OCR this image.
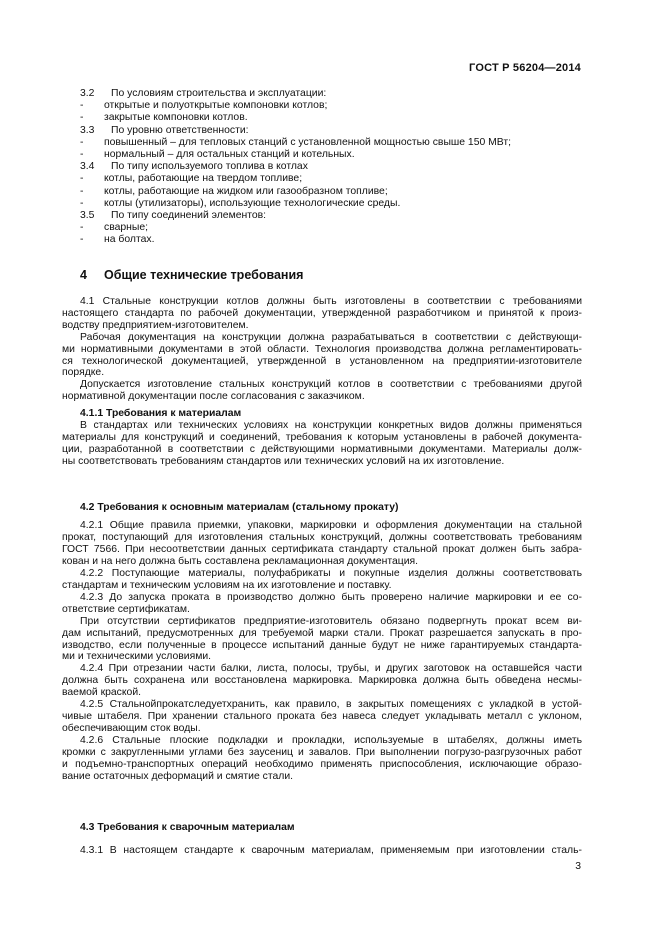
ГОСТ Р 56204—2014
3.2 По условиям строительства и эксплуатации:
- открытые и полуоткрытые компоновки котлов;
- закрытые компоновки котлов.
3.3 По уровню ответственности:
- повышенный – для тепловых станций с установленной мощностью свыше 150 МВт;
- нормальный – для остальных станций и котельных.
3.4 По типу используемого топлива в котлах
- котлы, работающие на твердом топливе;
- котлы, работающие на жидком или газообразном топливе;
- котлы (утилизаторы), использующие технологические среды.
3.5 По типу соединений элементов:
- сварные;
- на болтах.
4 Общие технические требования
4.1 Стальные конструкции котлов должны быть изготовлены в соответствии с требованиями
настоящего стандарта по рабочей документации, утвержденной разработчиком и принятой к произ-
водству предприятием-изготовителем.
Рабочая документация на конструкции должна разрабатываться в соответствии с действующи-
ми нормативными документами в этой области. Технология производства должна регламентировать-
ся технологической документацией, утвержденной в установленном на предприятии-изготовителе
порядке.
Допускается изготовление стальных конструкций котлов в соответствии с требованиями другой
нормативной документации после согласования с заказчиком.
4.1.1 Требования к материалам
В стандартах или технических условиях на конструкции конкретных видов должны применяться
материалы для конструкций и соединений, требования к которым установлены в рабочей документа-
ции, разработанной в соответствии с действующими нормативными документами. Материалы долж-
ны соответствовать требованиям стандартов или технических условий на их изготовление.
4.2 Требования к основным материалам (стальному прокату)
4.2.1 Общие правила приемки, упаковки, маркировки и оформления документации на стальной
прокат, поступающий для изготовления стальных конструкций, должны соответствовать требованиям
ГОСТ 7566. При несоответствии данных сертификата стандарту стальной прокат должен быть забра-
кован и на него должна быть составлена рекламационная документация.
4.2.2 Поступающие материалы, полуфабрикаты и покупные изделия должны соответствовать
стандартам и техническим условиям на их изготовление и поставку.
4.2.3 До запуска проката в производство должно быть проверено наличие маркировки и ее со-
ответствие сертификатам.
При отсутствии сертификатов предприятие-изготовитель обязано подвергнуть прокат всем ви-
дам испытаний, предусмотренных для требуемой марки стали. Прокат разрешается запускать в про-
изводство, если полученные в процессе испытаний данные будут не ниже гарантируемых стандарта-
ми и техническими условиями.
4.2.4 При отрезании части балки, листа, полосы, трубы, и других заготовок на оставшейся части
должна быть сохранена или восстановлена маркировка. Маркировка должна быть обведена несмы-
ваемой краской.
4.2.5 Стальнойпрокатследуетхранить, как правило, в закрытых помещениях с укладкой в устой-
чивые штабеля. При хранении стального проката без навеса следует укладывать металл с уклоном,
обеспечивающим сток воды.
4.2.6 Стальные плоские подкладки и прокладки, используемые в штабелях, должны иметь
кромки с закругленными углами без заусениц и завалов. При выполнении погрузо-разгрузочных работ
и подъемно-транспортных операций необходимо применять приспособления, исключающие образо-
вание остаточных деформаций и смятие стали.
4.3 Требования к сварочным материалам
4.3.1 В настоящем стандарте к сварочным материалам, применяемым при изготовлении сталь-
3
